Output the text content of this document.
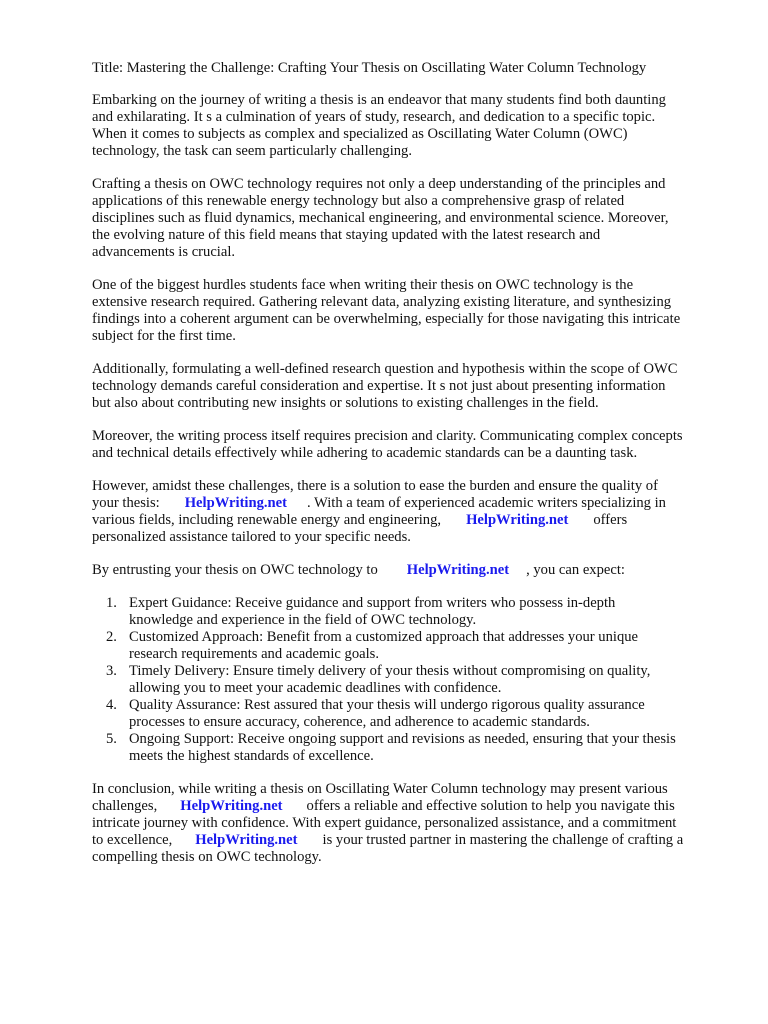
Title: Mastering the Challenge: Crafting Your Thesis on Oscillating Water Column Technology

Embarking on the journey of writing a thesis is an endeavor that many students find both daunting
and exhilarating. It s a culmination of years of study, research, and dedication to a specific topic.
When it comes to subjects as complex and specialized as Oscillating Water Column (OWC)
technology, the task can seem particularly challenging.

Crafting a thesis on OWC technology requires not only a deep understanding of the principles and
applications of this renewable energy technology but also a comprehensive grasp of related
disciplines such as fluid dynamics, mechanical engineering, and environmental science. Moreover,
the evolving nature of this field means that staying updated with the latest research and
advancements is crucial.

One of the biggest hurdles students face when writing their thesis on OWC technology is the
extensive research required. Gathering relevant data, analyzing existing literature, and synthesizing
findings into a coherent argument can be overwhelming, especially for those navigating this intricate
subject for the first time.

Additionally, formulating a well-defined research question and hypothesis within the scope of OWC
technology demands careful consideration and expertise. It s not just about presenting information
but also about contributing new insights or solutions to existing challenges in the field.

Moreover, the writing process itself requires precision and clarity. Communicating complex concepts
and technical details effectively while adhering to academic standards can be a daunting task.

However, amidst these challenges, there is a solution to ease the burden and ensure the quality of
your thesis: HelpWriting.net . With a team of experienced academic writers specializing in
various fields, including renewable energy and engineering, HelpWriting.net offers
personalized assistance tailored to your specific needs.

By entrusting your thesis on OWC technology to HelpWriting.net , you can expect:

1. Expert Guidance: Receive guidance and support from writers who possess in-depth
knowledge and experience in the field of OWC technology.
2. Customized Approach: Benefit from a customized approach that addresses your unique
research requirements and academic goals.
3. Timely Delivery: Ensure timely delivery of your thesis without compromising on quality,
allowing you to meet your academic deadlines with confidence.
4. Quality Assurance: Rest assured that your thesis will undergo rigorous quality assurance
processes to ensure accuracy, coherence, and adherence to academic standards.
5. Ongoing Support: Receive ongoing support and revisions as needed, ensuring that your thesis
meets the highest standards of excellence.

In conclusion, while writing a thesis on Oscillating Water Column technology may present various
challenges, HelpWriting.net offers a reliable and effective solution to help you navigate this
intricate journey with confidence. With expert guidance, personalized assistance, and a commitment
to excellence, HelpWriting.net is your trusted partner in mastering the challenge of crafting a
compelling thesis on OWC technology.
